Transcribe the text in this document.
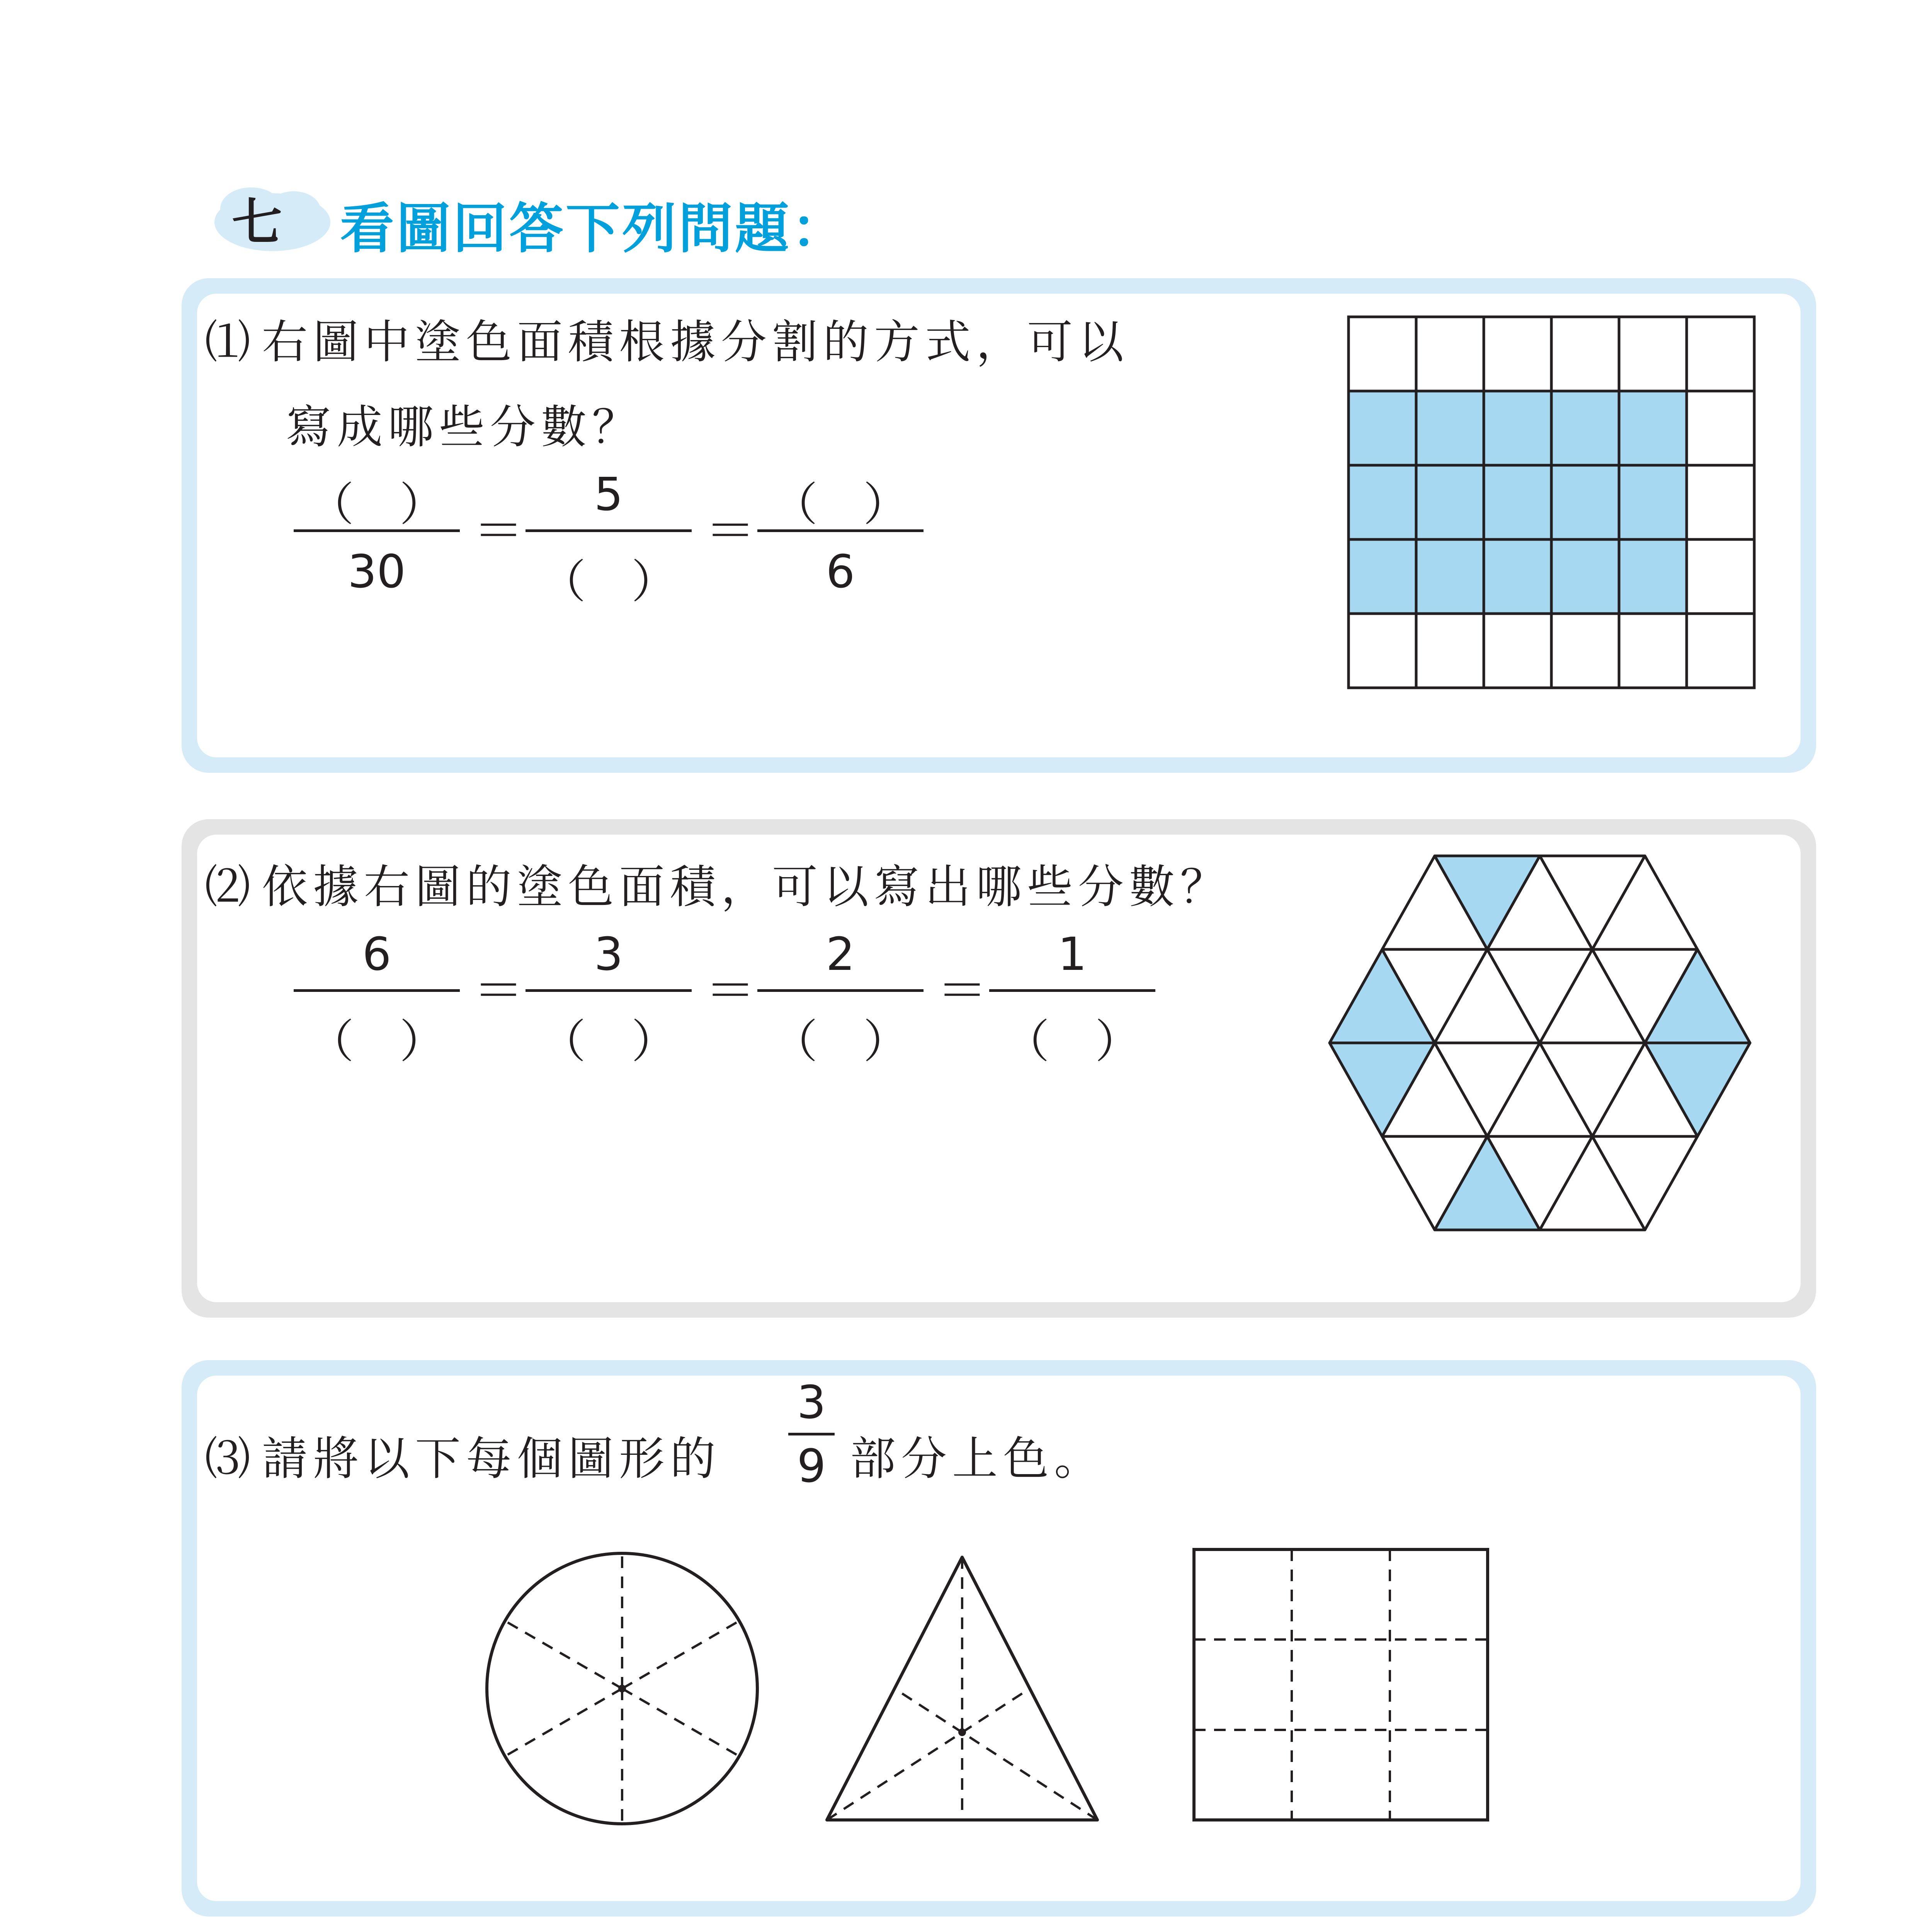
七 看圖回答下列問題：
⑴ 右圖中塗色面積根據分割的方式，可以
寫成哪些分數？
（　）
30
＝
5
（　）
＝ （　）
6
⑵ 依據右圖的塗色面積，可以寫出哪些分數？
6
（　）
＝
3
（　）
＝
2
（　）
＝
1
（　）
⑶ 請將以下每個圖形的
3
9 部分上色。
